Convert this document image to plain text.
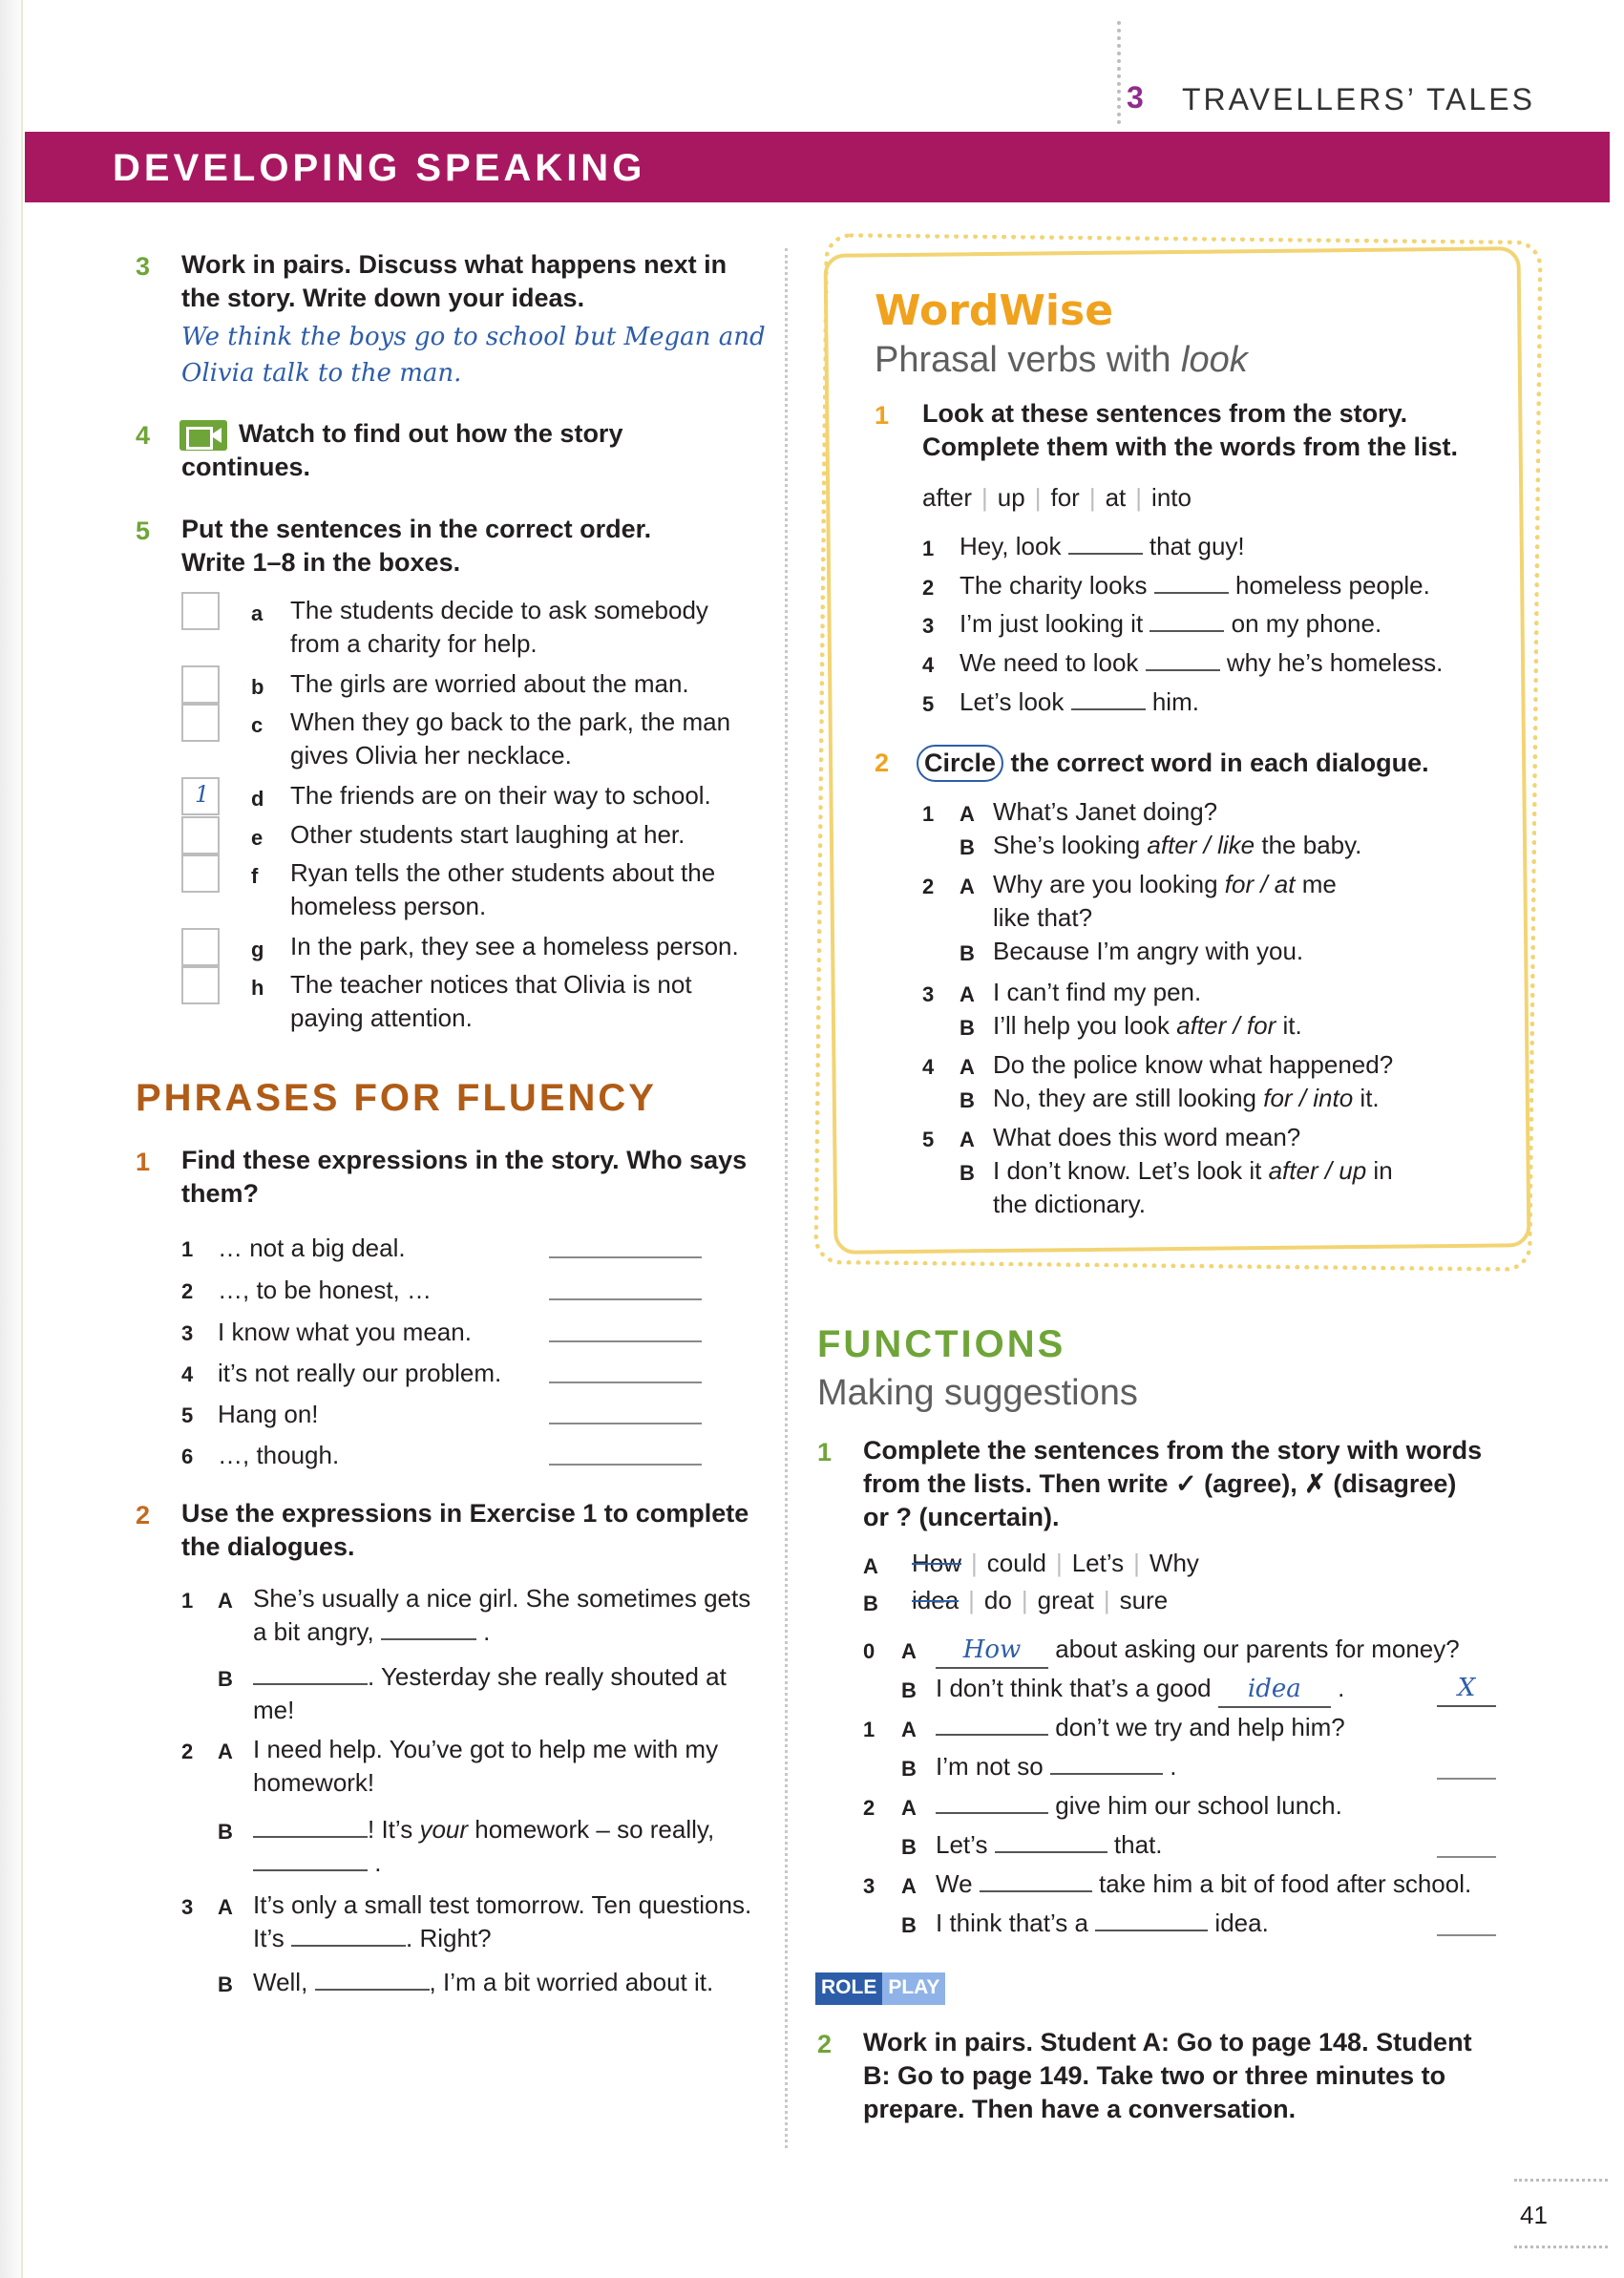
3 TRAVELLERS’ TALES
DEVELOPING SPEAKING
3 Work in pairs. Discuss what happens next in
the story. Write down your ideas.
We think the boys go to school but Megan and
Olivia talk to the man.
4	Watch to find out how the story
continues.
5 Put the sentences in the correct order.
Write 1–8 in the boxes.
a The students decide to ask somebody
from a charity for help.
b The girls are worried about the man.
c When they go back to the park, the man
gives Olivia her necklace.
1 d The friends are on their way to school.
e Other students start laughing at her.
f Ryan tells the other students about the
homeless person.
g In the park, they see a homeless person.
h The teacher notices that Olivia is not
paying attention.
PHRASES FOR FLUENCY
1 Find these expressions in the story. Who says
them?
1 … not a big deal.
2 …, to be honest, …
3 I know what you mean.
4 it’s not really our problem.
5 Hang on!
6 …, though.
2 Use the expressions in Exercise 1 to complete
the dialogues.
1 A She’s usually a nice girl. She sometimes gets
a bit angry,	.
B	. Yesterday she really shouted at
me!
2 A I need help. You’ve got to help me with my
homework!
B	! It’s your homework – so really,
.
3 A It’s only a small test tomorrow. Ten questions.
It’s	. Right?
B Well,	, I’m a bit worried about it.
WordWise
Phrasal verbs with look
1 Look at these sentences from the story.
Complete them with the words from the list.
after | up | for | at | into
1 Hey, look	that guy!
2 The charity looks	homeless people.
3 I’m just looking it	on my phone.
4 We need to look	why he’s homeless.
5 Let’s look	him.
2 Circle the correct word in each dialogue.
1 A What’s Janet doing?
B She’s looking after / like the baby.
2 A Why are you looking for / at me
like that?
B Because I’m angry with you.
3 A I can’t find my pen.
B I’ll help you look after / for it.
4 A Do the police know what happened?
B No, they are still looking for / into it.
5 A What does this word mean?
B I don’t know. Let’s look it after / up in
the dictionary.
FUNCTIONS
Making suggestions
1 Complete the sentences from the story with words
from the lists. Then write ✓ (agree), ✗ (disagree)
or ? (uncertain).
A How | could | Let’s | Why
B idea | do | great | sure
0 A	How about asking our parents for money?
B I don’t think that’s a good idea .	X
1 A	don’t we try and help him?
B I’m not so	.
2 A	give him our school lunch.
B Let’s	that.
3 A We	take him a bit of food after school.
B I think that’s a	idea.
ROLE PLAY
2 Work in pairs. Student A: Go to page 148. Student
B: Go to page 149. Take two or three minutes to
prepare. Then have a conversation.
41
